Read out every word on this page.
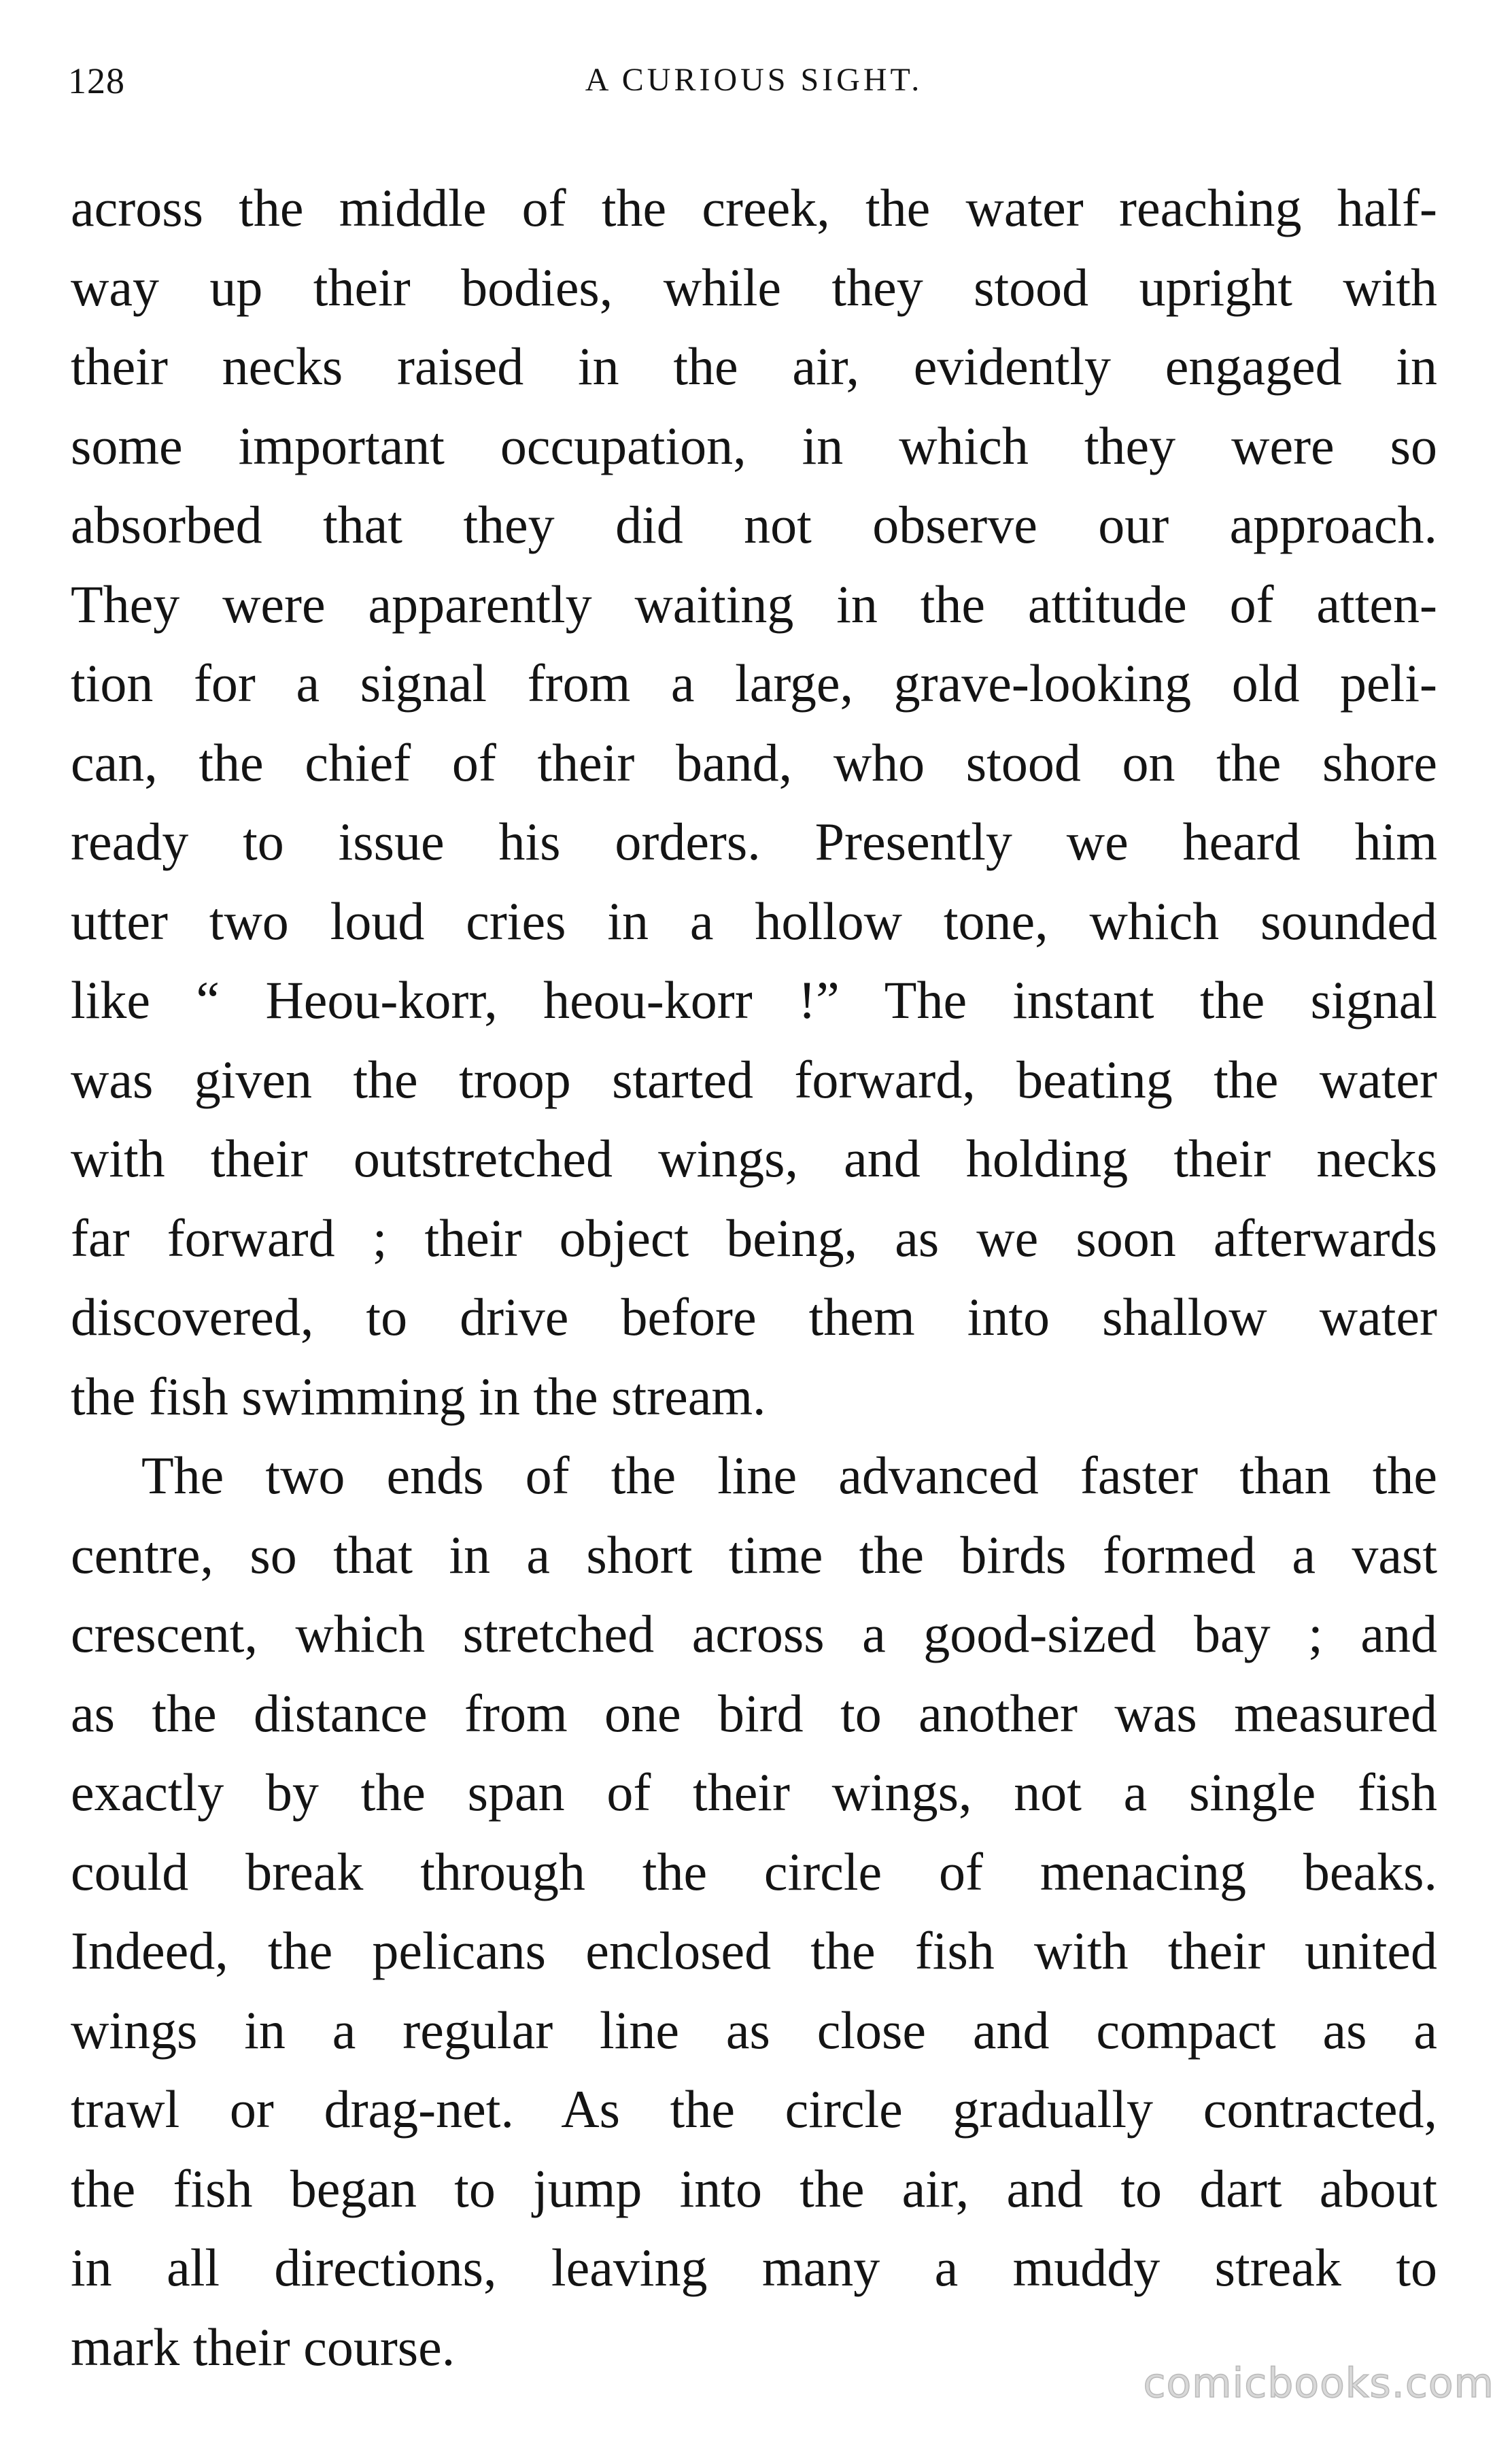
128	A CURIOUS SIGHT.
across the middle of the creek, the water reaching half-
way up their bodies, while they stood upright with
their necks raised in the air, evidently engaged in
some important occupation, in which they were so
absorbed that they did not observe our approach.
They were apparently waiting in the attitude of atten-
tion for a signal from a large, grave-looking old peli-
can, the chief of their band, who stood on the shore
ready to issue his orders. Presently we heard him
utter two loud cries in a hollow tone, which sounded
like “ Heou-korr, heou-korr !” The instant the signal
was given the troop started forward, beating the water
with their outstretched wings, and holding their necks
far forward ; their object being, as we soon afterwards
discovered, to drive before them into shallow water
the fish swimming in the stream.
The two ends of the line advanced faster than the
centre, so that in a short time the birds formed a vast
crescent, which stretched across a good-sized bay ; and
as the distance from one bird to another was measured
exactly by the span of their wings, not a single fish
could break through the circle of menacing beaks.
Indeed, the pelicans enclosed the fish with their united
wings in a regular line as close and compact as a
trawl or drag-net. As the circle gradually contracted,
the fish began to jump into the air, and to dart about
in all directions, leaving many a muddy streak to
mark their course.
comicbooks.com
